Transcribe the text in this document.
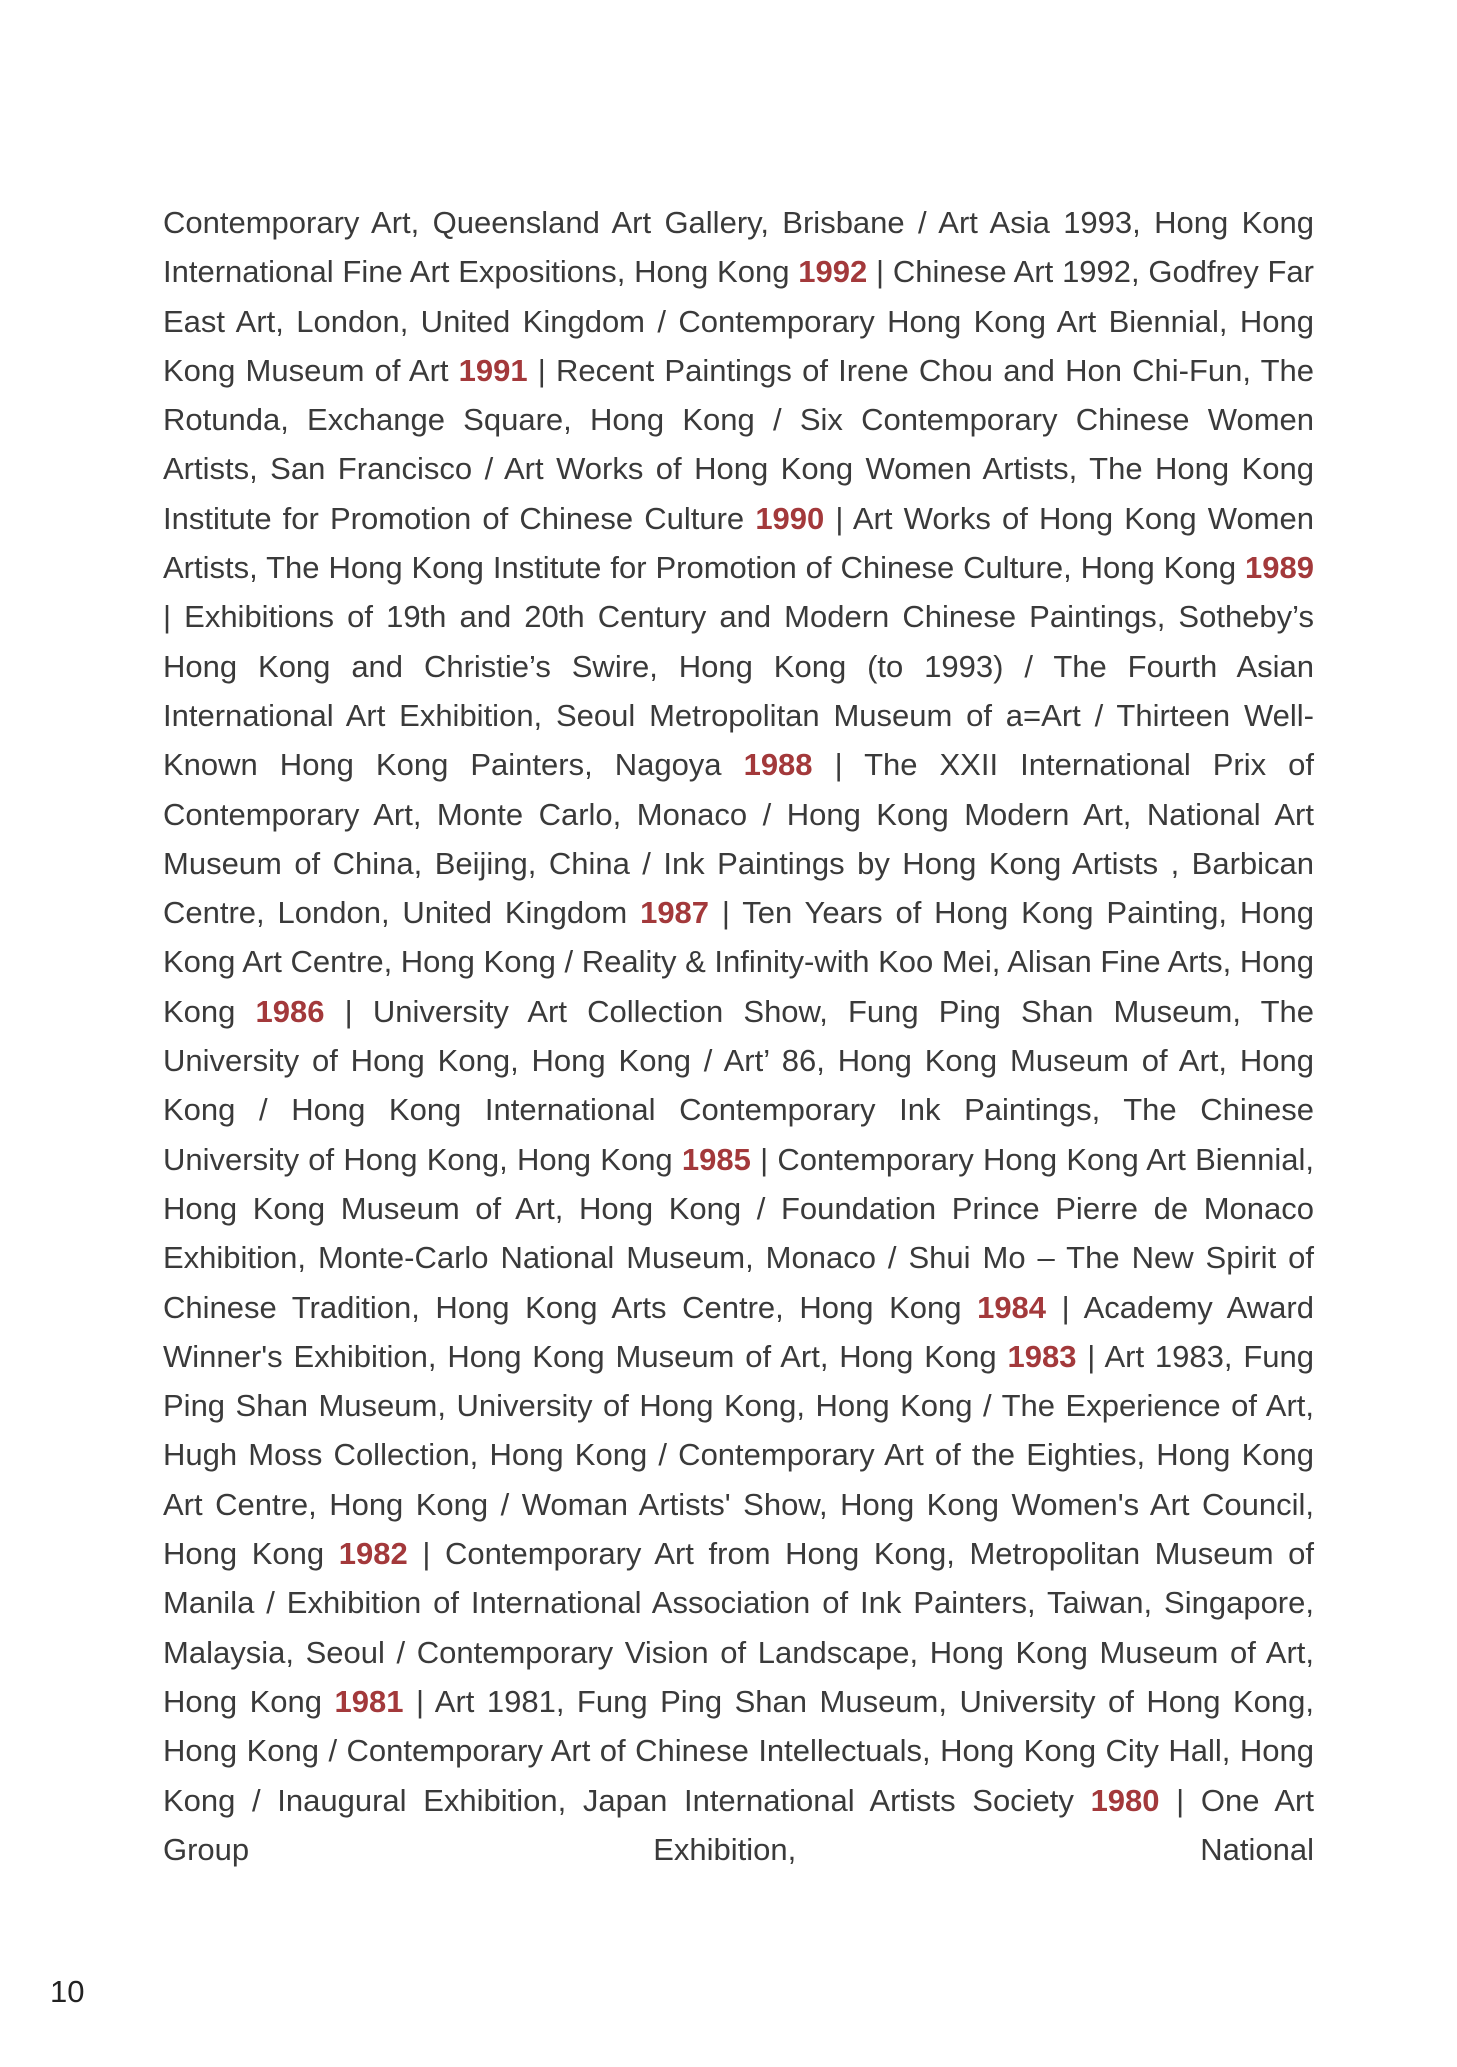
Contemporary Art, Queensland Art Gallery, Brisbane / Art Asia 1993, Hong Kong International Fine Art Expositions, Hong Kong 1992 | Chinese Art 1992, Godfrey Far East Art, London, United Kingdom / Contemporary Hong Kong Art Biennial, Hong Kong Museum of Art 1991 | Recent Paintings of Irene Chou and Hon Chi-Fun, The Rotunda, Exchange Square, Hong Kong / Six Contemporary Chinese Women Artists, San Francisco / Art Works of Hong Kong Women Artists, The Hong Kong Institute for Promotion of Chinese Culture 1990 | Art Works of Hong Kong Women Artists, The Hong Kong Institute for Promotion of Chinese Culture, Hong Kong 1989 | Exhibitions of 19th and 20th Century and Modern Chinese Paintings, Sotheby’s Hong Kong and Christie’s Swire, Hong Kong (to 1993) / The Fourth Asian International Art Exhibition, Seoul Metropolitan Museum of a=Art / Thirteen Well-Known Hong Kong Painters, Nagoya 1988 | The XXII International Prix of Contemporary Art, Monte Carlo, Monaco / Hong Kong Modern Art, National Art Museum of China, Beijing, China / Ink Paintings by Hong Kong Artists , Barbican Centre, London, United Kingdom 1987 | Ten Years of Hong Kong Painting, Hong Kong Art Centre, Hong Kong / Reality & Infinity-with Koo Mei, Alisan Fine Arts, Hong Kong 1986 | University Art Collection Show, Fung Ping Shan Museum, The University of Hong Kong, Hong Kong / Art’ 86, Hong Kong Museum of Art, Hong Kong / Hong Kong International Contemporary Ink Paintings, The Chinese University of Hong Kong, Hong Kong 1985 | Contemporary Hong Kong Art Biennial, Hong Kong Museum of Art, Hong Kong / Foundation Prince Pierre de Monaco Exhibition, Monte-Carlo National Museum, Monaco / Shui Mo – The New Spirit of Chinese Tradition, Hong Kong Arts Centre, Hong Kong 1984 | Academy Award Winner's Exhibition, Hong Kong Museum of Art, Hong Kong 1983 | Art 1983, Fung Ping Shan Museum, University of Hong Kong, Hong Kong / The Experience of Art, Hugh Moss Collection, Hong Kong / Contemporary Art of the Eighties, Hong Kong Art Centre, Hong Kong / Woman Artists' Show, Hong Kong Women's Art Council, Hong Kong 1982 | Contemporary Art from Hong Kong, Metropolitan Museum of Manila / Exhibition of International Association of Ink Painters, Taiwan, Singapore, Malaysia, Seoul / Contemporary Vision of Landscape, Hong Kong Museum of Art, Hong Kong 1981 | Art 1981, Fung Ping Shan Museum, University of Hong Kong, Hong Kong / Contemporary Art of Chinese Intellectuals, Hong Kong City Hall, Hong Kong / Inaugural Exhibition, Japan International Artists Society 1980 | One Art Group Exhibition, National

10
